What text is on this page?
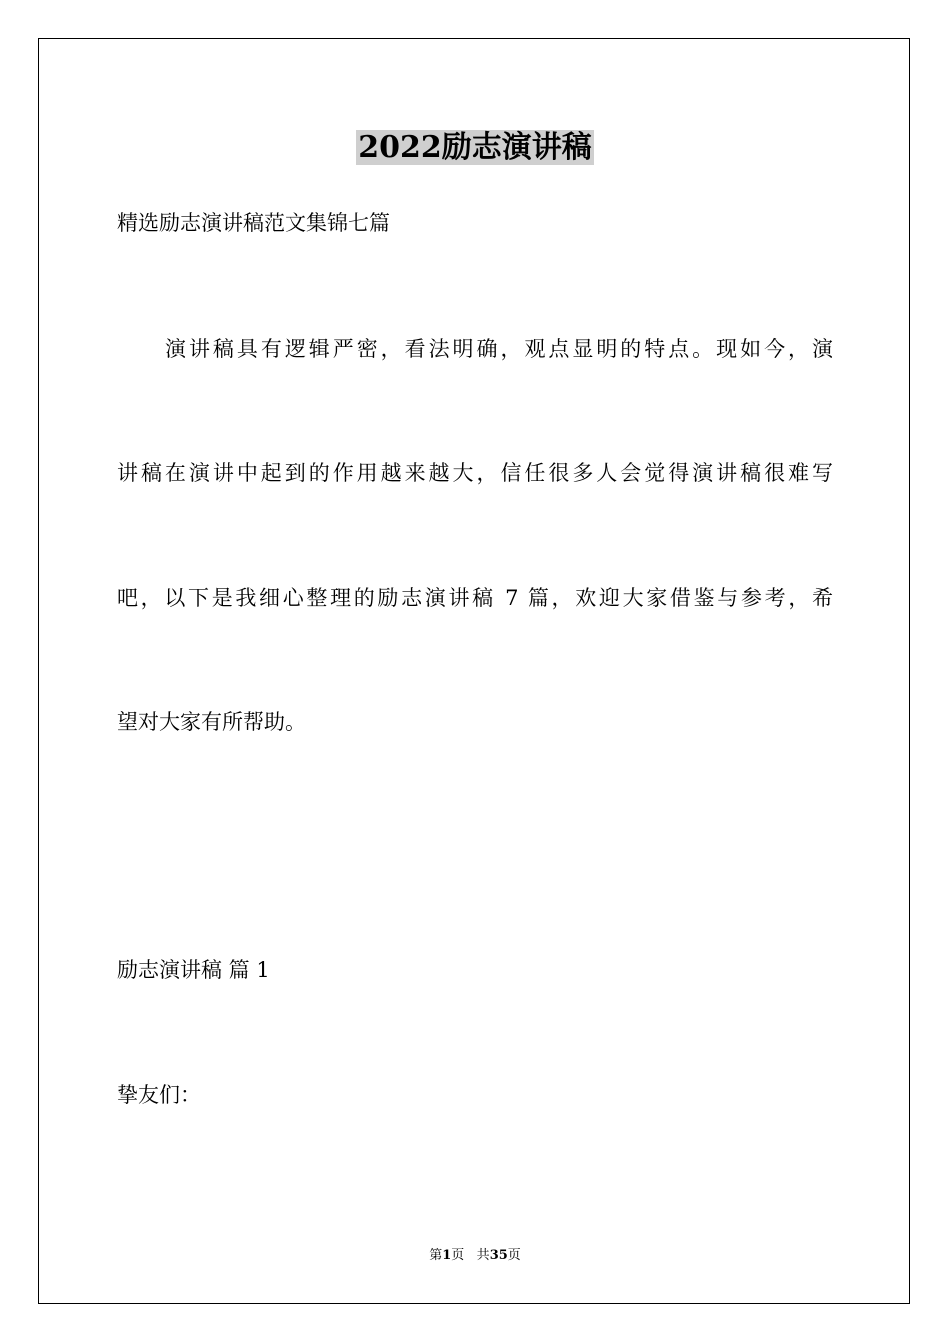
2022励志演讲稿
精选励志演讲稿范文集锦七篇
演讲稿具有逻辑严密，看法明确，观点显明的特点。现如今，演
讲稿在演讲中起到的作用越来越大，信任很多人会觉得演讲稿很难写
吧，以下是我细心整理的励志演讲稿 7 篇，欢迎大家借鉴与参考，希
望对大家有所帮助。
励志演讲稿 篇 1
挚友们：
第1页 共35页
